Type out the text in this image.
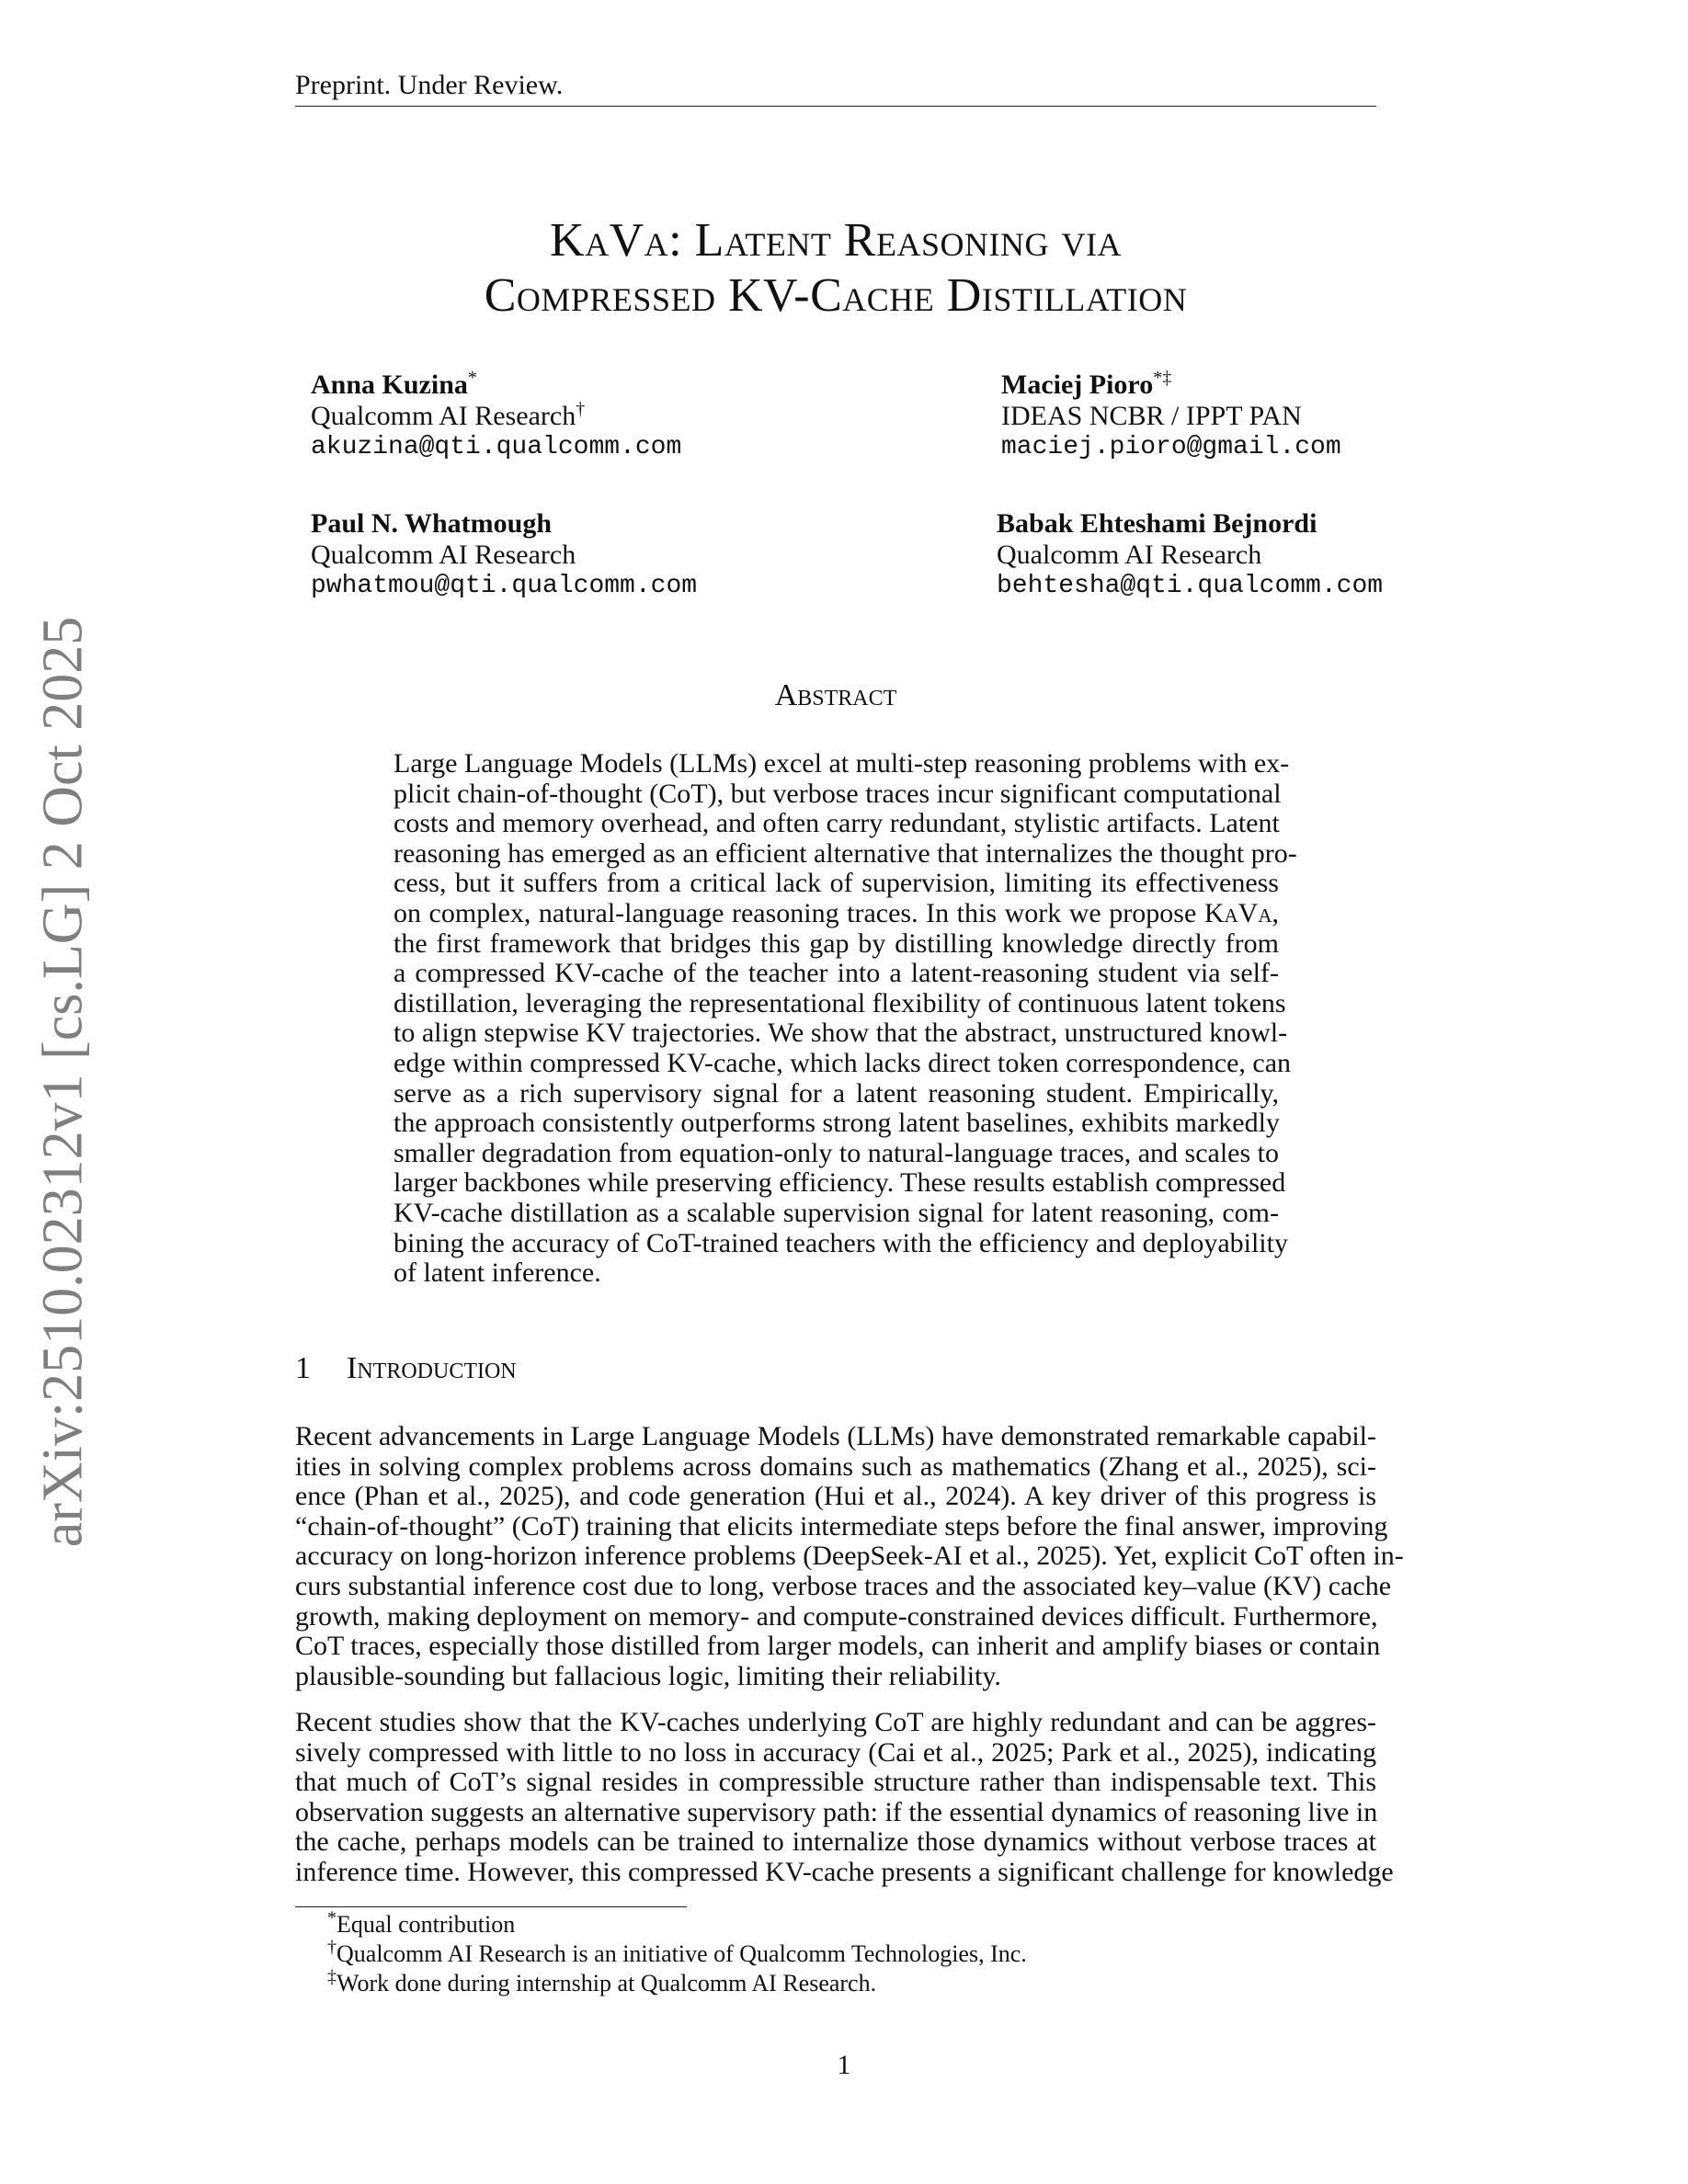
Preprint. Under Review.
KaVa: Latent Reasoning via
Compressed KV-Cache Distillation
arXiv:2510.02312v1 [cs.LG] 2 Oct 2025
Anna Kuzina*
Qualcomm AI Research†
akuzina@qti.qualcomm.com
Maciej Pioro*‡
IDEAS NCBR / IPPT PAN
maciej.pioro@gmail.com
Paul N. Whatmough
Qualcomm AI Research
pwhatmou@qti.qualcomm.com
Babak Ehteshami Bejnordi
Qualcomm AI Research
behtesha@qti.qualcomm.com
Abstract
Large Language Models (LLMs) excel at multi-step reasoning problems with ex-
plicit chain-of-thought (CoT), but verbose traces incur significant computational
costs and memory overhead, and often carry redundant, stylistic artifacts. Latent
reasoning has emerged as an efficient alternative that internalizes the thought pro-
cess, but it suffers from a critical lack of supervision, limiting its effectiveness
on complex, natural-language reasoning traces. In this work we propose KaVa,
the first framework that bridges this gap by distilling knowledge directly from
a compressed KV-cache of the teacher into a latent-reasoning student via self-
distillation, leveraging the representational flexibility of continuous latent tokens
to align stepwise KV trajectories. We show that the abstract, unstructured knowl-
edge within compressed KV-cache, which lacks direct token correspondence, can
serve as a rich supervisory signal for a latent reasoning student. Empirically,
the approach consistently outperforms strong latent baselines, exhibits markedly
smaller degradation from equation-only to natural-language traces, and scales to
larger backbones while preserving efficiency. These results establish compressed
KV-cache distillation as a scalable supervision signal for latent reasoning, com-
bining the accuracy of CoT-trained teachers with the efficiency and deployability
of latent inference.
1 Introduction
Recent advancements in Large Language Models (LLMs) have demonstrated remarkable capabil-
ities in solving complex problems across domains such as mathematics (Zhang et al., 2025), sci-
ence (Phan et al., 2025), and code generation (Hui et al., 2024). A key driver of this progress is
“chain-of-thought” (CoT) training that elicits intermediate steps before the final answer, improving
accuracy on long-horizon inference problems (DeepSeek-AI et al., 2025). Yet, explicit CoT often in-
curs substantial inference cost due to long, verbose traces and the associated key–value (KV) cache
growth, making deployment on memory- and compute-constrained devices difficult. Furthermore,
CoT traces, especially those distilled from larger models, can inherit and amplify biases or contain
plausible-sounding but fallacious logic, limiting their reliability.
Recent studies show that the KV-caches underlying CoT are highly redundant and can be aggres-
sively compressed with little to no loss in accuracy (Cai et al., 2025; Park et al., 2025), indicating
that much of CoT’s signal resides in compressible structure rather than indispensable text. This
observation suggests an alternative supervisory path: if the essential dynamics of reasoning live in
the cache, perhaps models can be trained to internalize those dynamics without verbose traces at
inference time. However, this compressed KV-cache presents a significant challenge for knowledge
*Equal contribution
†Qualcomm AI Research is an initiative of Qualcomm Technologies, Inc.
‡Work done during internship at Qualcomm AI Research.
1
